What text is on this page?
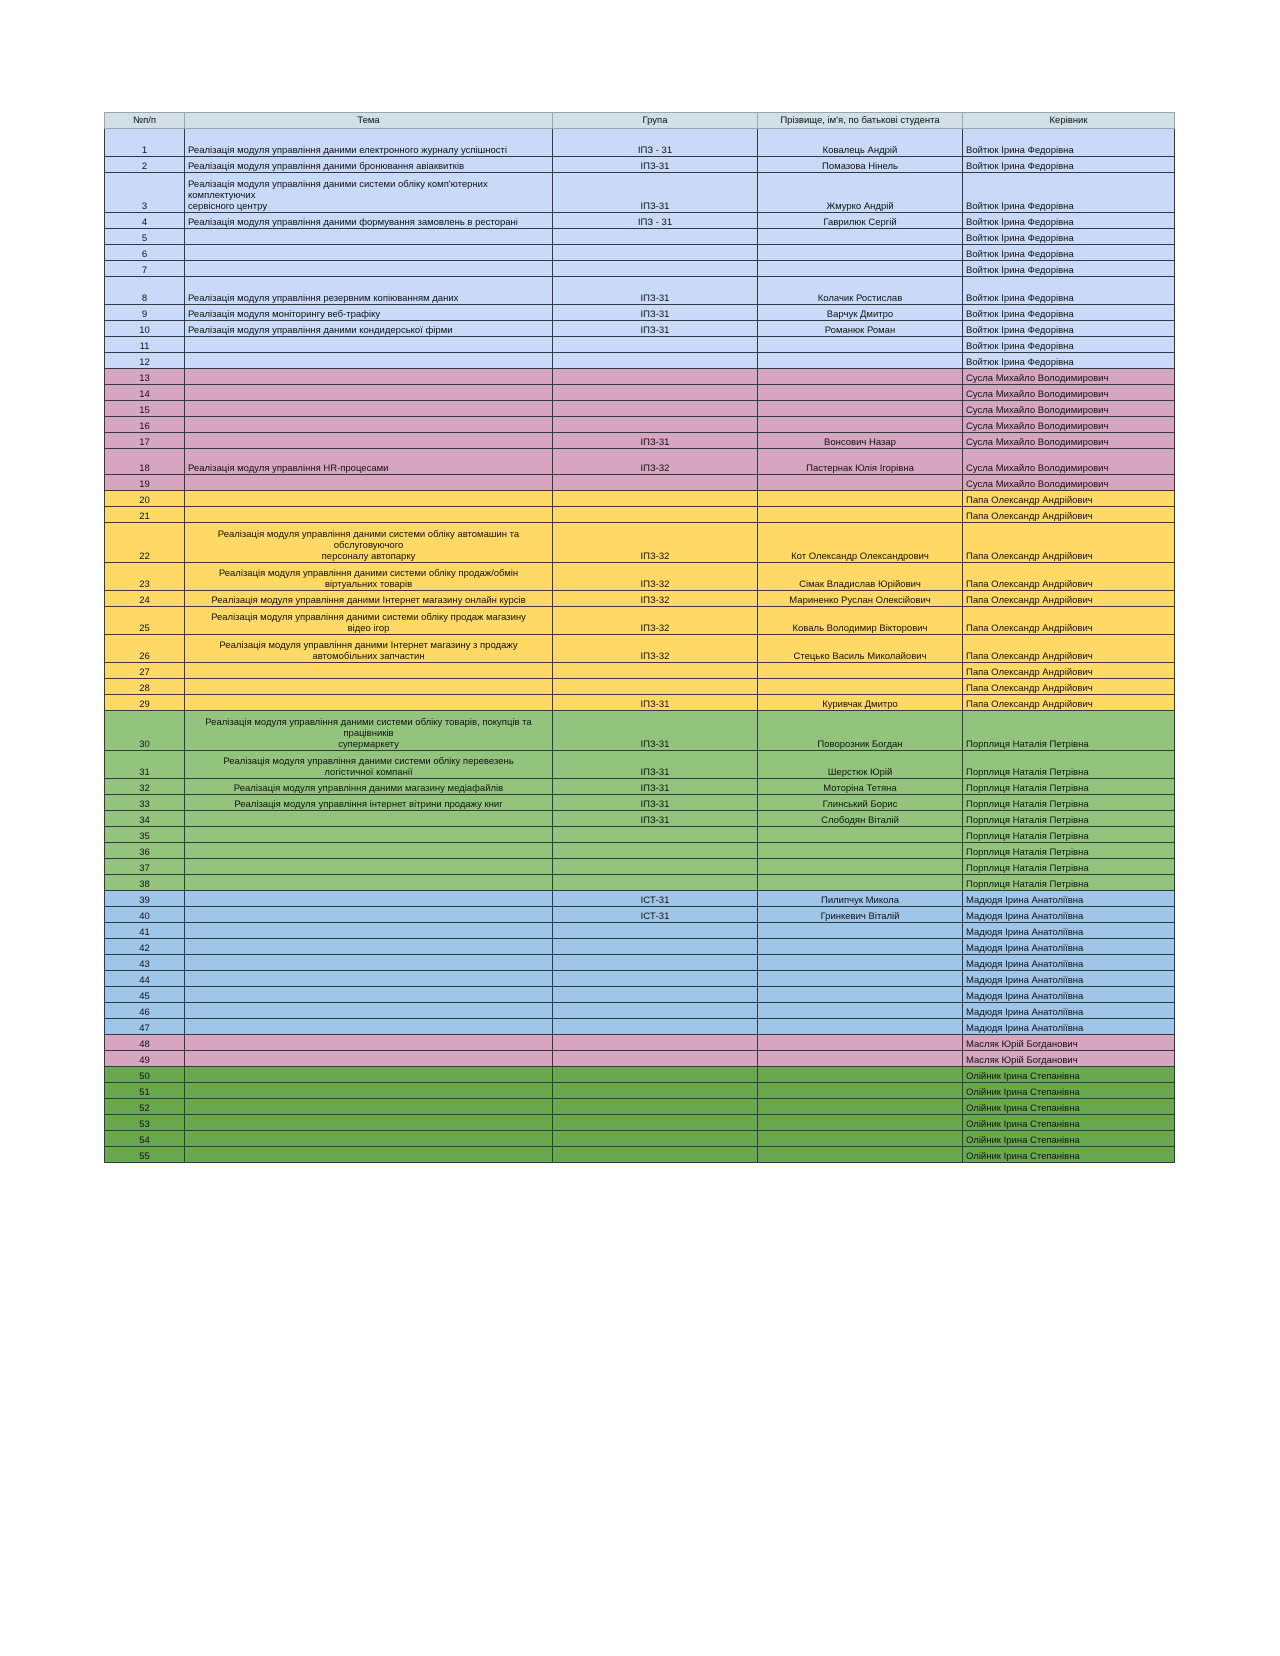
№п/п	Тема	Група	Прізвище, ім'я, по батькові студента	Керівник
1	Реалізація модуля управління даними електронного журналу успішності	ІПЗ - 31	Ковалець Андрій	Войтюк Ірина Федорівна
2	Реалізація модуля управління даними бронювання авіаквитків	ІПЗ-31	Помазова Нінель	Войтюк Ірина Федорівна
3	Реалізація модуля управління даними системи обліку комп'ютерних
комплектуючих
сервісного центру	ІПЗ-31	Жмурко Андрій	Войтюк Ірина Федорівна
4	Реалізація модуля управління даними формування замовлень в ресторані	ІПЗ - 31	Гаврилюк Сергій	Войтюк Ірина Федорівна
5				Войтюк Ірина Федорівна
6				Войтюк Ірина Федорівна
7				Войтюк Ірина Федорівна
8	Реалізація модуля управління резервним копіюванням даних	ІПЗ-31	Колачик Ростислав	Войтюк Ірина Федорівна
9	Реалізація модуля моніторингу веб-трафіку	ІПЗ-31	Варчук Дмитро	Войтюк Ірина Федорівна
10	Реалізація модуля управління даними кондидерської фірми	ІПЗ-31	Романюк Роман	Войтюк Ірина Федорівна
11				Войтюк Ірина Федорівна
12				Войтюк Ірина Федорівна
13				Сусла Михайло Володимирович
14				Сусла Михайло Володимирович
15				Сусла Михайло Володимирович
16				Сусла Михайло Володимирович
17		ІПЗ-31	Вонсович Назар	Сусла Михайло Володимирович
18	Реалізація модуля управління HR-процесами	ІПЗ-32	Пастернак Юлія Ігорівна	Сусла Михайло Володимирович
19				Сусла Михайло Володимирович
20				Папа Олександр Андрійович
21				Папа Олександр Андрійович
22	Реалізація модуля управління даними системи обліку автомашин та
обслуговуючого
персоналу автопарку	ІПЗ-32	Кот Олександр Олександрович	Папа Олександр Андрійович
23	Реалізація модуля управління даними системи обліку продаж/обмін
віртуальних товарів	ІПЗ-32	Сімак Владислав Юрійович	Папа Олександр Андрійович
24	Реалізація модуля управління даними Інтернет магазину онлайн курсів	ІПЗ-32	Мариненко Руслан Олексійович	Папа Олександр Андрійович
25	Реалізація модуля управління даними системи обліку продаж магазину
відео ігор	ІПЗ-32	Коваль Володимир Вікторович	Папа Олександр Андрійович
26	Реалізація модуля управління даними Інтернет магазину з продажу
автомобільних запчастин	ІПЗ-32	Стецько Василь Миколайович	Папа Олександр Андрійович
27				Папа Олександр Андрійович
28				Папа Олександр Андрійович
29		ІПЗ-31	Куривчак Дмитро	Папа Олександр Андрійович
30	Реалізація модуля управління даними системи обліку товарів, покупців та
працівників
супермаркету	ІПЗ-31	Поворозник Богдан	Порплиця Наталія Петрівна
31	Реалізація модуля управління даними системи обліку перевезень
логістичної компанії	ІПЗ-31	Шерстюк Юрій	Порплиця Наталія Петрівна
32	Реалізація модуля управління даними магазину медіафайлів	ІПЗ-31	Моторіна Тетяна	Порплиця Наталія Петрівна
33	Реалізація модуля управління інтернет вітрини продажу книг	ІПЗ-31	Глинський Борис	Порплиця Наталія Петрівна
34		ІПЗ-31	Слободян Віталій	Порплиця Наталія Петрівна
35				Порплиця Наталія Петрівна
36				Порплиця Наталія Петрівна
37				Порплиця Наталія Петрівна
38				Порплиця Наталія Петрівна
39		ІСТ-31	Пилипчук Микола	Мадюдя Ірина Анатоліївна
40		ІСТ-31	Гринкевич Віталій	Мадюдя Ірина Анатоліївна
41				Мадюдя Ірина Анатоліївна
42				Мадюдя Ірина Анатоліївна
43				Мадюдя Ірина Анатоліївна
44				Мадюдя Ірина Анатоліївна
45				Мадюдя Ірина Анатоліївна
46				Мадюдя Ірина Анатоліївна
47				Мадюдя Ірина Анатоліївна
48				Масляк Юрій Богданович
49				Масляк Юрій Богданович
50				Олійник Ірина Степанівна
51				Олійник Ірина Степанівна
52				Олійник Ірина Степанівна
53				Олійник Ірина Степанівна
54				Олійник Ірина Степанівна
55				Олійник Ірина Степанівна
